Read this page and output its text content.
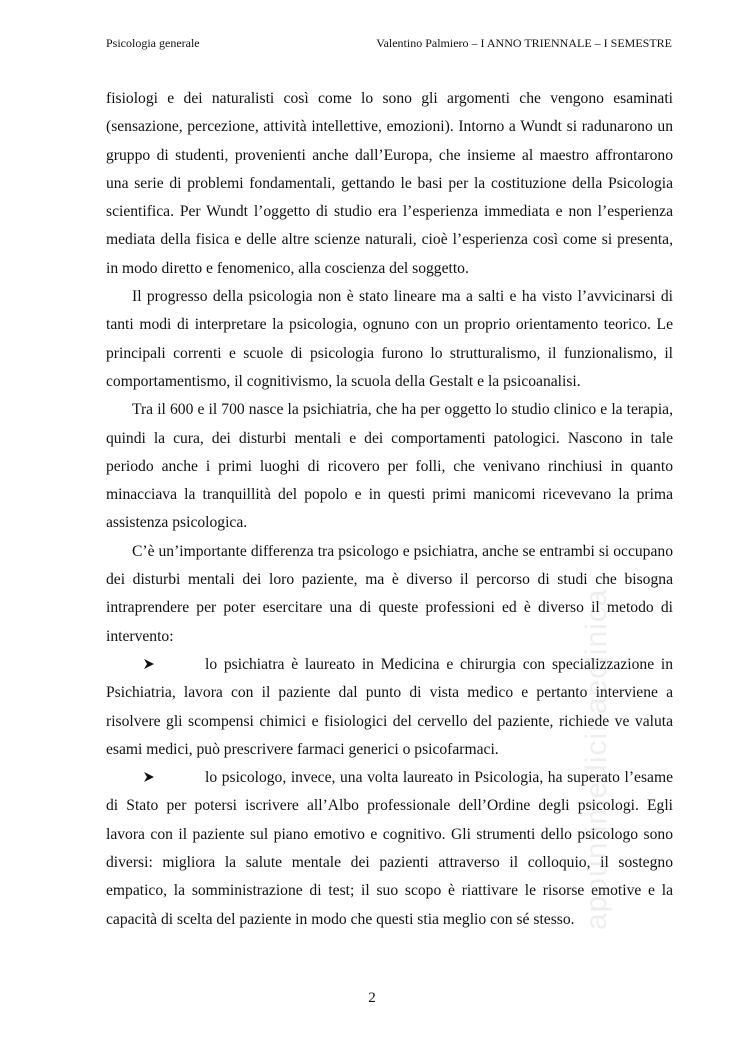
Psicologia generale	Valentino Palmiero – I ANNO TRIENNALE – I SEMESTRE

fisiologi e dei naturalisti così come lo sono gli argomenti che vengono esaminati (sensazione, percezione, attività intellettive, emozioni). Intorno a Wundt si radunarono un gruppo di studenti, provenienti anche dall’Europa, che insieme al maestro affrontarono una serie di problemi fondamentali, gettando le basi per la costituzione della Psicologia scientifica. Per Wundt l’oggetto di studio era l’esperienza immediata e non l’esperienza mediata della fisica e delle altre scienze naturali, cioè l’esperienza così come si presenta, in modo diretto e fenomenico, alla coscienza del soggetto.

Il progresso della psicologia non è stato lineare ma a salti e ha visto l’avvicinarsi di tanti modi di interpretare la psicologia, ognuno con un proprio orientamento teorico. Le principali correnti e scuole di psicologia furono lo strutturalismo, il funzionalismo, il comportamentismo, il cognitivismo, la scuola della Gestalt e la psicoanalisi.

Tra il 600 e il 700 nasce la psichiatria, che ha per oggetto lo studio clinico e la terapia, quindi la cura, dei disturbi mentali e dei comportamenti patologici. Nascono in tale periodo anche i primi luoghi di ricovero per folli, che venivano rinchiusi in quanto minacciava la tranquillità del popolo e in questi primi manicomi ricevevano la prima assistenza psicologica.

C’è un’importante differenza tra psicologo e psichiatra, anche se entrambi si occupano dei disturbi mentali dei loro paziente, ma è diverso il percorso di studi che bisogna intraprendere per poter esercitare una di queste professioni ed è diverso il metodo di intervento:

lo psichiatra è laureato in Medicina e chirurgia con specializzazione in Psichiatria, lavora con il paziente dal punto di vista medico e pertanto interviene a risolvere gli scompensi chimici e fisiologici del cervello del paziente, richiede ve valuta esami medici, può prescrivere farmaci generici o psicofarmaci.

lo psicologo, invece, una volta laureato in Psicologia, ha superato l’esame di Stato per potersi iscrivere all’Albo professionale dell’Ordine degli psicologi. Egli lavora con il paziente sul piano emotivo e cognitivo. Gli strumenti dello psicologo sono diversi: migliora la salute mentale dei pazienti attraverso il colloquio, il sostegno empatico, la somministrazione di test; il suo scopo è riattivare le risorse emotive e la capacità di scelta del paziente in modo che questi stia meglio con sé stesso. appuntimedicinaeclinica
2
